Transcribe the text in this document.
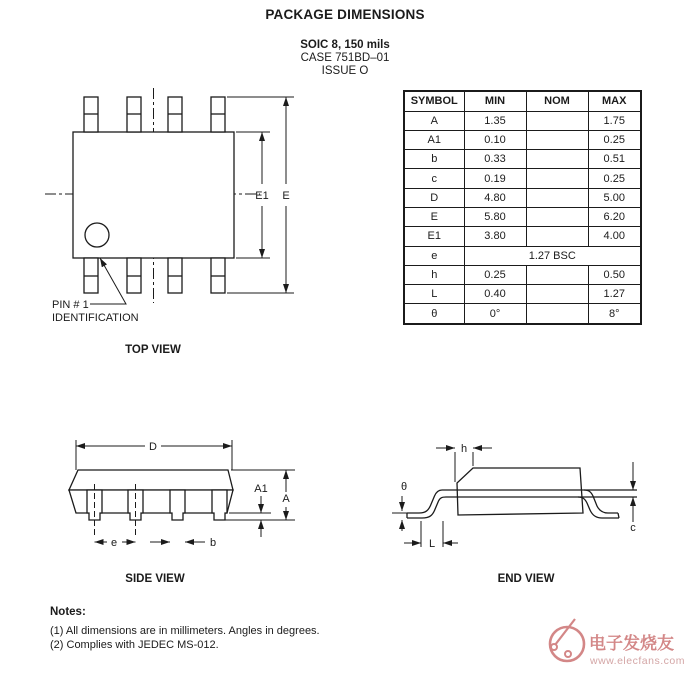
PACKAGE DIMENSIONS
SOIC 8, 150 mils
CASE 751BD–01
ISSUE O
SYMBOL	MIN	NOM	MAX
A	1.35		1.75
A1	0.10		0.25
b	0.33		0.51
c	0.19		0.25
D	4.80		5.00
E	5.80		6.20
E1	3.80		4.00
e	1.27 BSC		
h	0.25		0.50
L	0.40		1.27
θ	0°		8°
PIN # 1
IDENTIFICATION
E1 E
TOP VIEW
D
A1
A
e	b
SIDE VIEW
h
θ
L
c
END VIEW
Notes:
(1) All dimensions are in millimeters. Angles in degrees.
(2) Complies with JEDEC MS-012.	电子发烧友
www.elecfans.com
